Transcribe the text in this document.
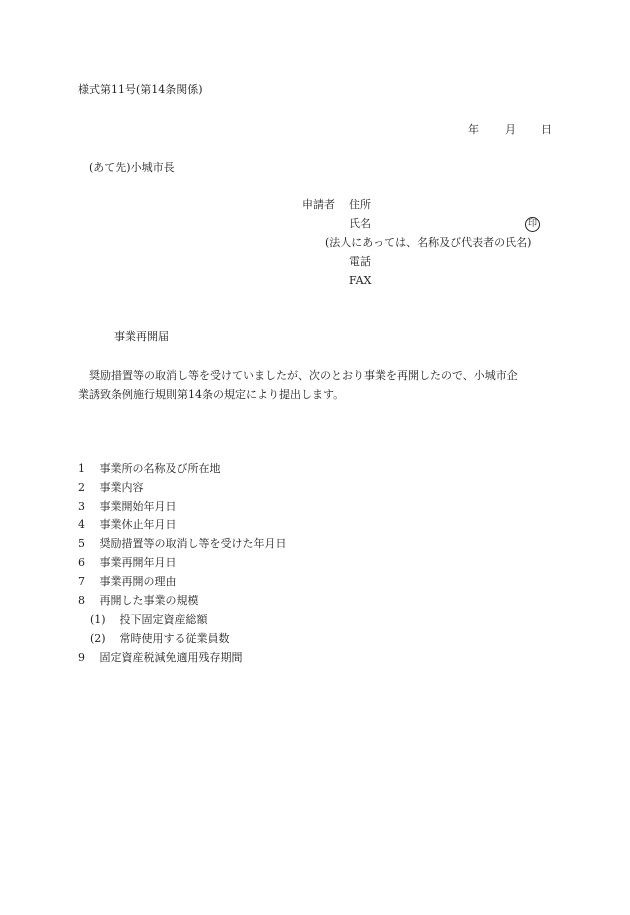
様式第11号(第14条関係)
年 月 日
(あて先)小城市長
申請者 住所
氏名	印
(法人にあっては、名称及び代表者の氏名)
電話
FAX
事業再開届
奨励措置等の取消し等を受けていましたが、次のとおり事業を再開したので、小城市企
業誘致条例施行規則第14条の規定により提出します。
1 事業所の名称及び所在地
2 事業内容
3 事業開始年月日
4 事業休止年月日
5 奨励措置等の取消し等を受けた年月日
6 事業再開年月日
7 事業再開の理由
8 再開した事業の規模
(1) 投下固定資産総額
(2) 常時使用する従業員数
9 固定資産税減免適用残存期間
